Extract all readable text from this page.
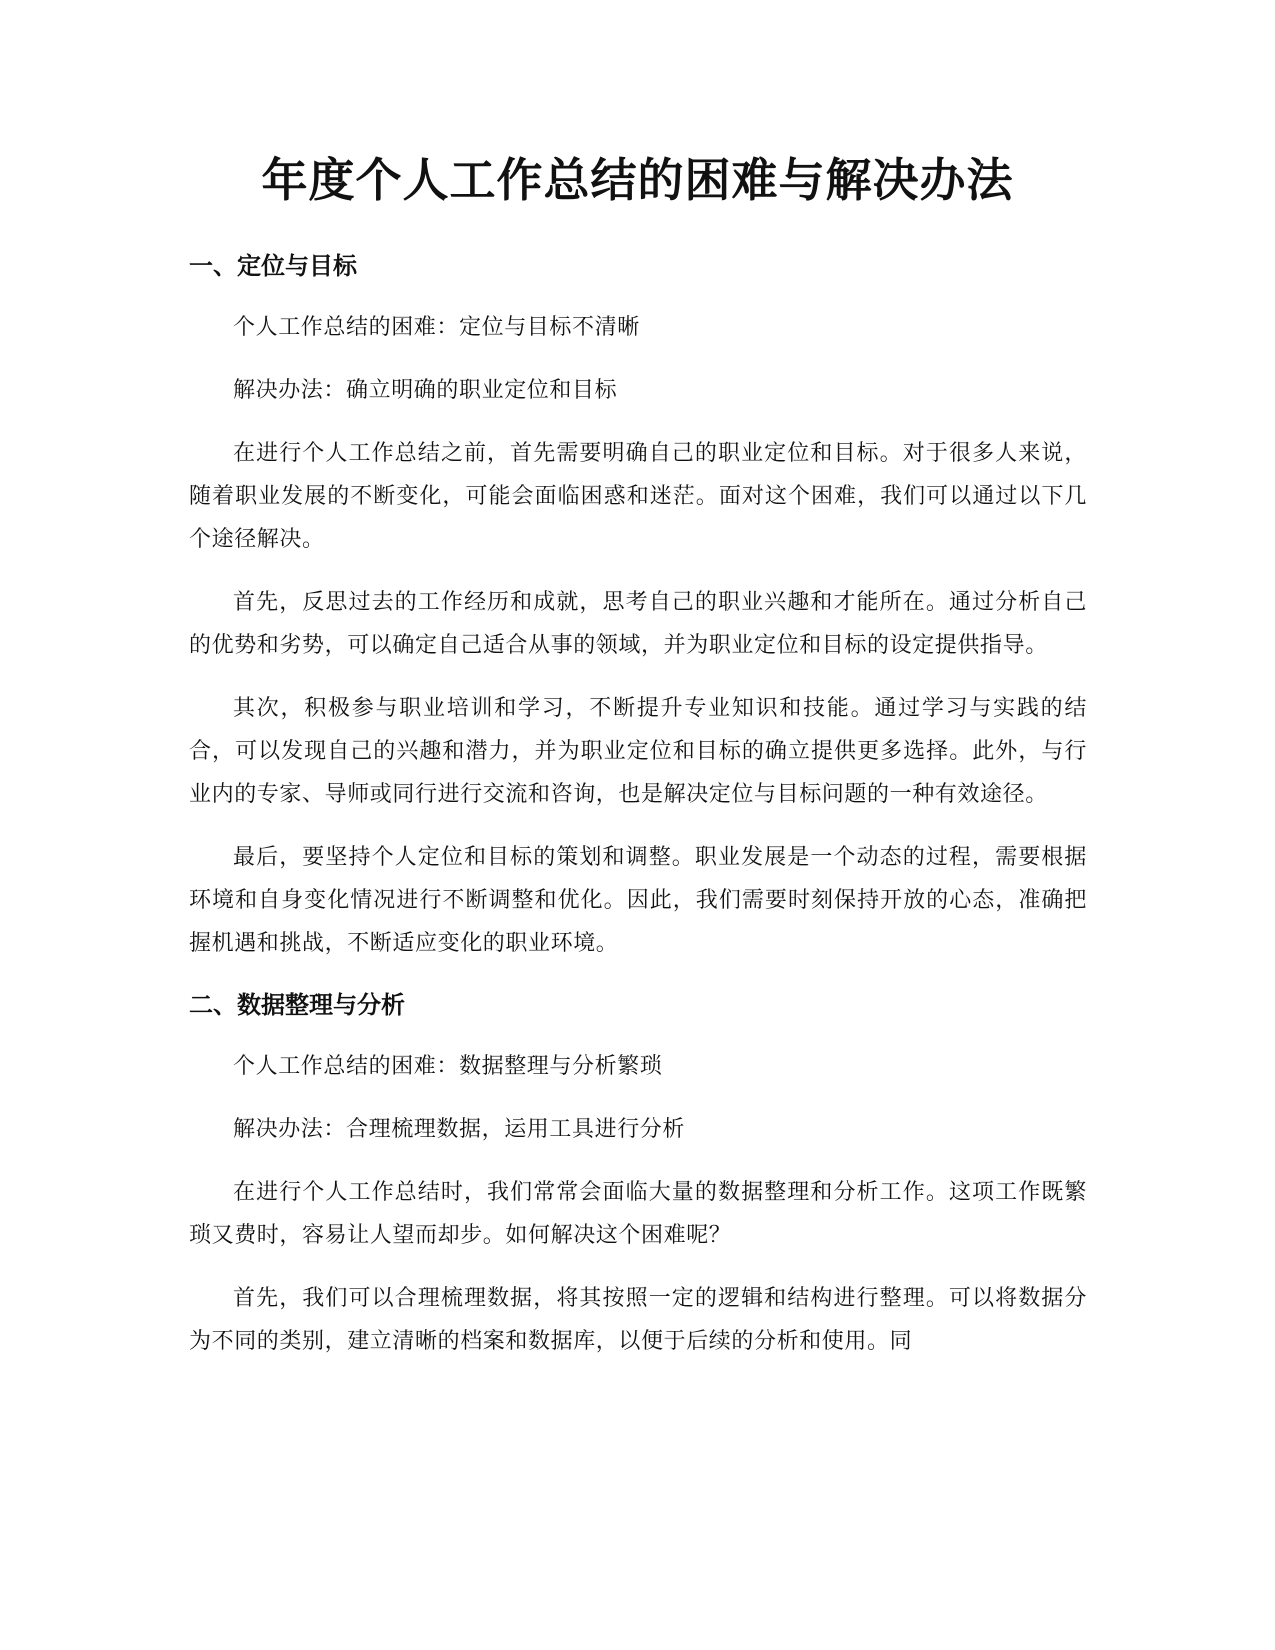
年度个人工作总结的困难与解决办法
一、定位与目标

个人工作总结的困难：定位与目标不清晰

解决办法：确立明确的职业定位和目标

在进行个人工作总结之前，首先需要明确自己的职业定位和目标。对于很多人来说，随着职业发展的不断变化，可能会面临困惑和迷茫。面对这个困难，我们可以通过以下几个途径解决。

首先，反思过去的工作经历和成就，思考自己的职业兴趣和才能所在。通过分析自己的优势和劣势，可以确定自己适合从事的领域，并为职业定位和目标的设定提供指导。

其次，积极参与职业培训和学习，不断提升专业知识和技能。通过学习与实践的结合，可以发现自己的兴趣和潜力，并为职业定位和目标的确立提供更多选择。此外，与行业内的专家、导师或同行进行交流和咨询，也是解决定位与目标问题的一种有效途径。

最后，要坚持个人定位和目标的策划和调整。职业发展是一个动态的过程，需要根据环境和自身变化情况进行不断调整和优化。因此，我们需要时刻保持开放的心态，准确把握机遇和挑战，不断适应变化的职业环境。

二、数据整理与分析

个人工作总结的困难：数据整理与分析繁琐

解决办法：合理梳理数据，运用工具进行分析

在进行个人工作总结时，我们常常会面临大量的数据整理和分析工作。这项工作既繁琐又费时，容易让人望而却步。如何解决这个困难呢？

首先，我们可以合理梳理数据，将其按照一定的逻辑和结构进行整理。可以将数据分为不同的类别，建立清晰的档案和数据库，以便于后续的分析和使用。同
